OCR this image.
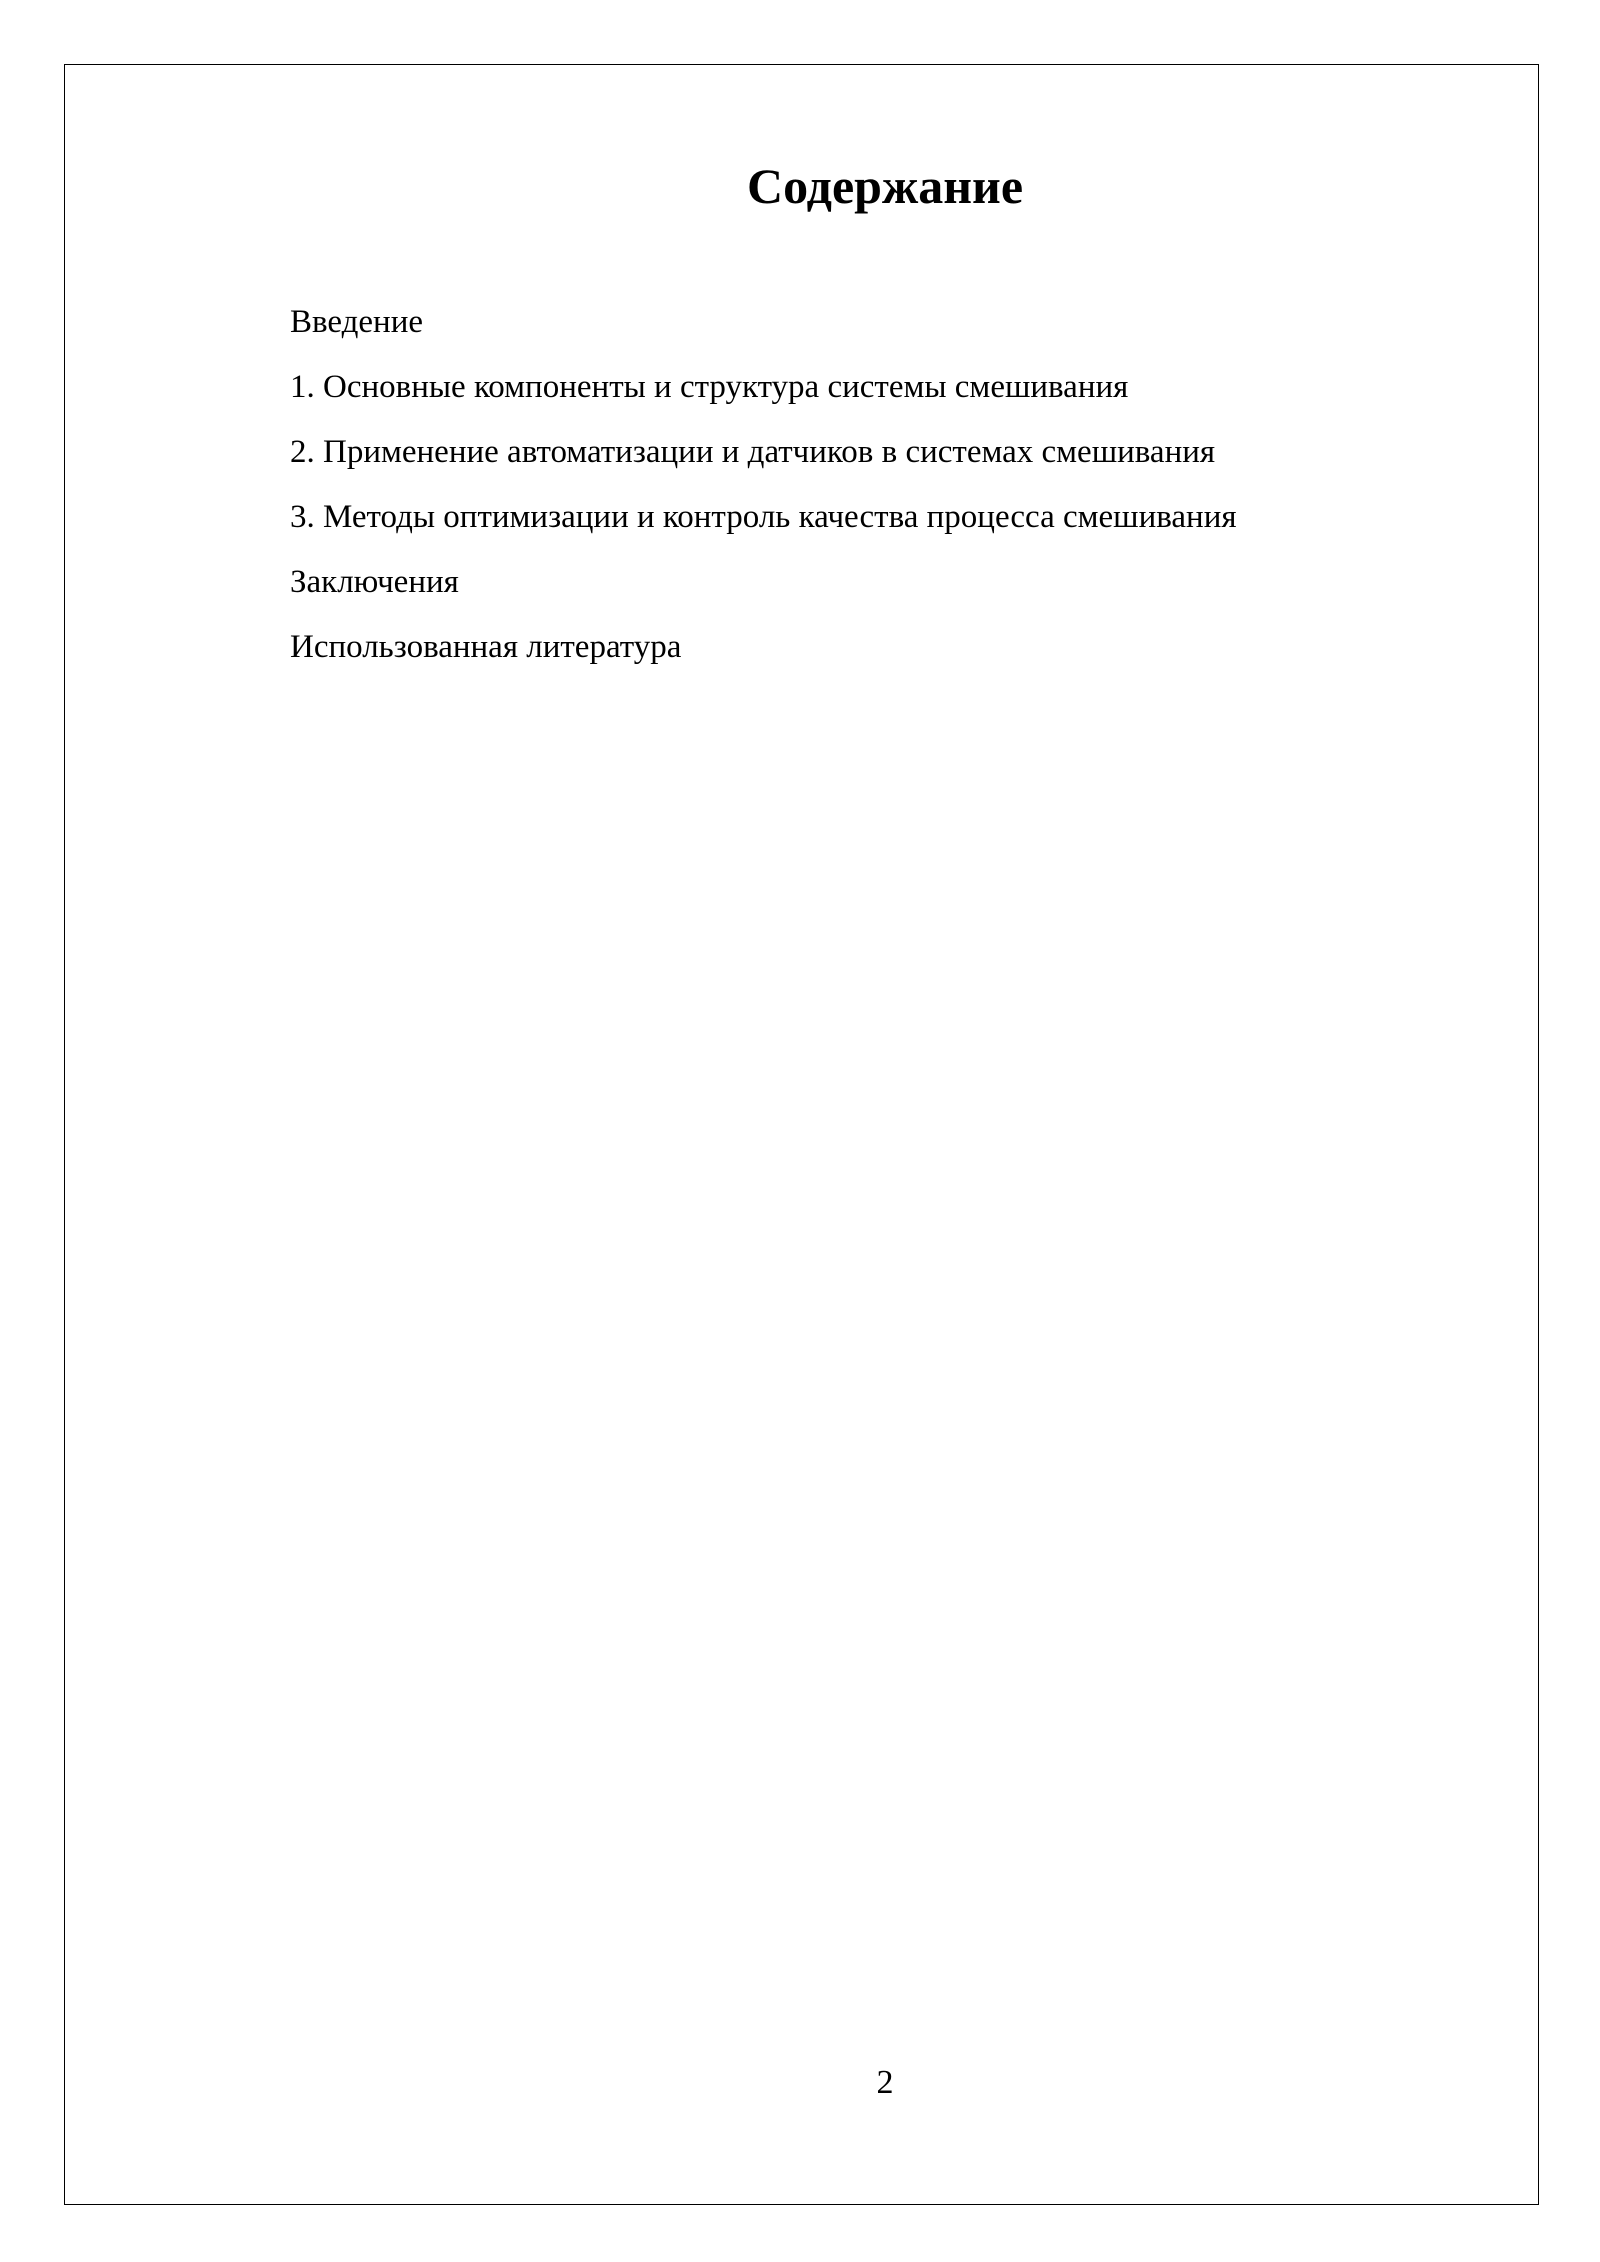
Содержание
Введение
1. Основные компоненты и структура системы смешивания
2. Применение автоматизации и датчиков в системах смешивания
3. Методы оптимизации и контроль качества процесса смешивания
Заключения
Использованная литература
2
